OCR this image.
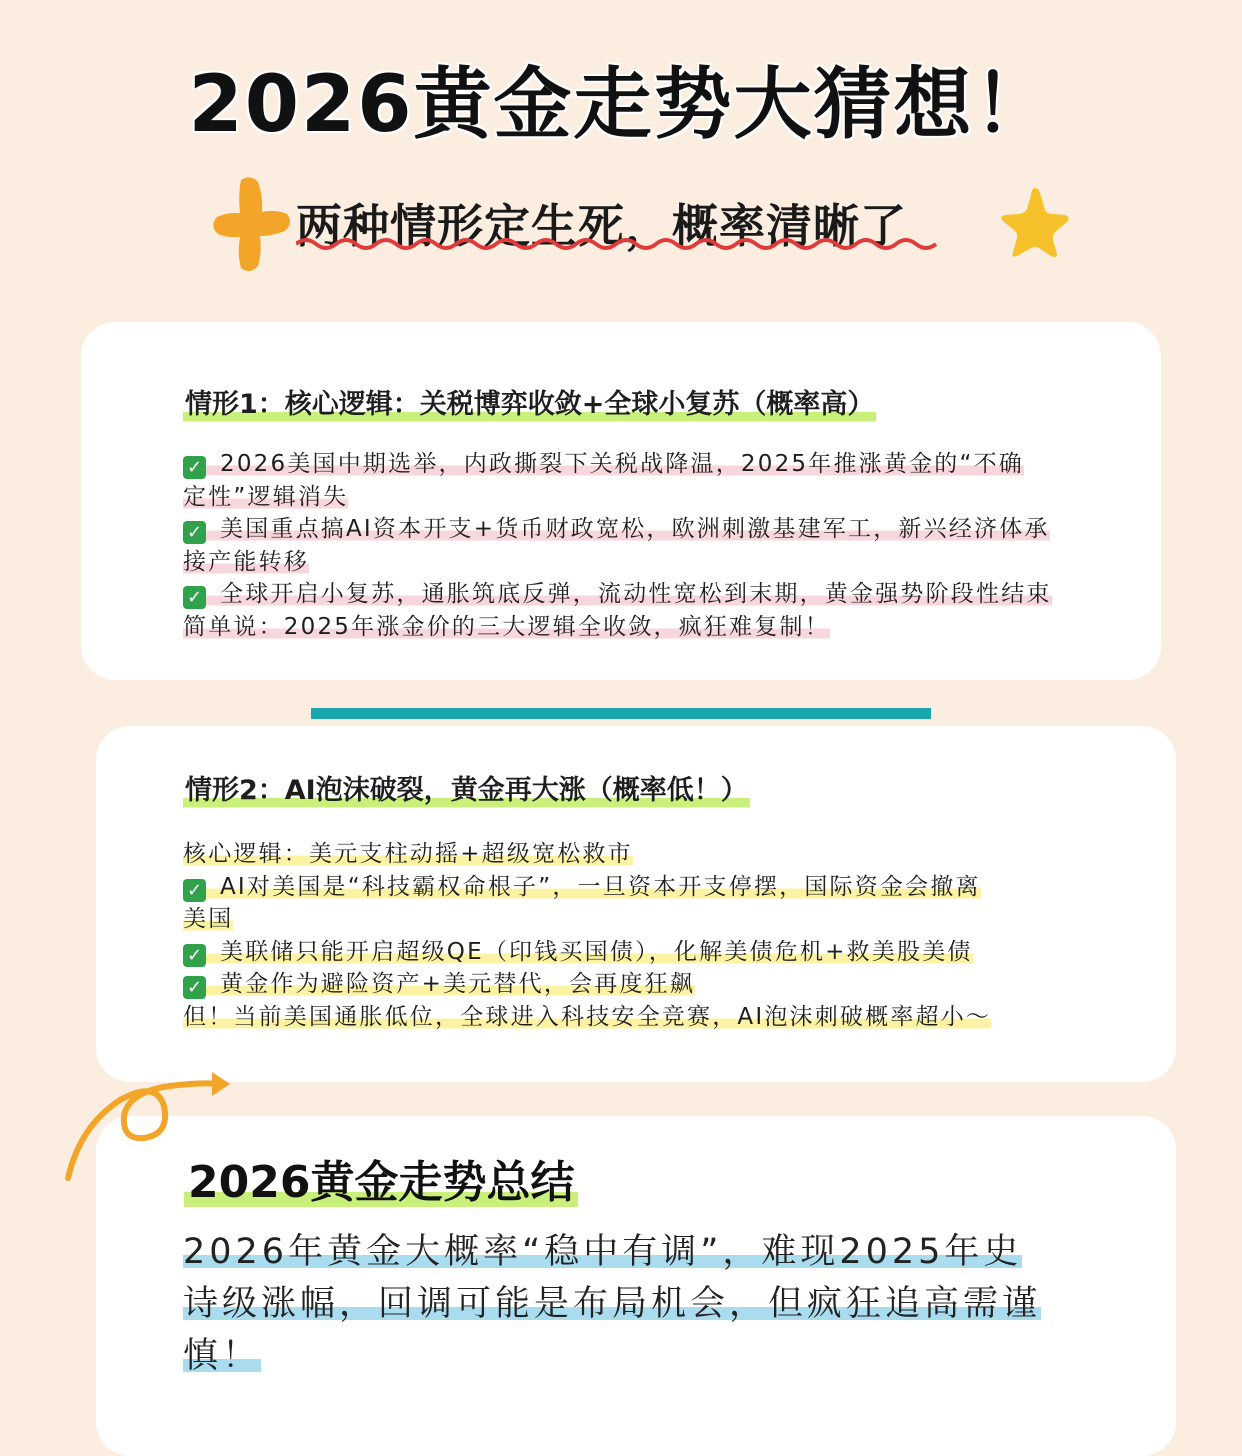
2026黄金走势大猜想！
两种情形定生死，概率清晰了
情形1：核心逻辑：关税博弈收敛+全球小复苏（概率高）

✓ 2026美国中期选举，内政撕裂下关税战降温，2025年推涨黄金的“不确

定性”逻辑消失

✓ 美国重点搞AI资本开支+货币财政宽松，欧洲刺激基建军工，新兴经济体承

接产能转移

✓ 全球开启小复苏，通胀筑底反弹，流动性宽松到末期，黄金强势阶段性结束

简单说：2025年涨金价的三大逻辑全收敛，疯狂难复制！

情形2：AI泡沫破裂，黄金再大涨（概率低！）

核心逻辑：美元支柱动摇+超级宽松救市

✓ AI对美国是“科技霸权命根子”，一旦资本开支停摆，国际资金会撤离

美国

✓ 美联储只能开启超级QE（印钱买国债），化解美债危机+救美股美债

✓ 黄金作为避险资产+美元替代，会再度狂飙

但！当前美国通胀低位，全球进入科技安全竞赛，AI泡沫刺破概率超小～

2026黄金走势总结
2026年黄金大概率“稳中有调”，难现2025年史
诗级涨幅，回调可能是布局机会，但疯狂追高需谨
慎！
